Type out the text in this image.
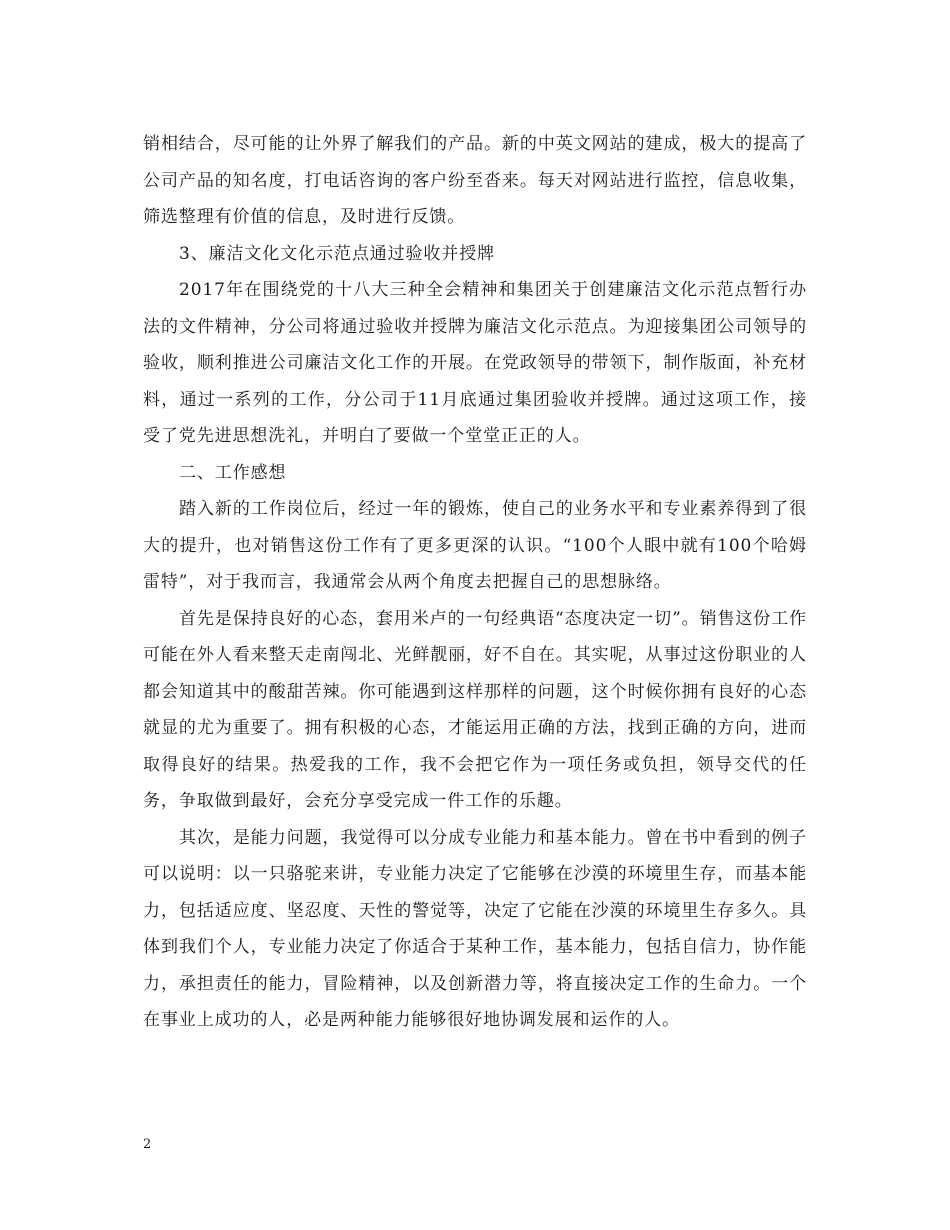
销相结合，尽可能的让外界了解我们的产品。新的中英文网站的建成，极大的提高了公司产品的知名度，打电话咨询的客户纷至沓来。每天对网站进行监控，信息收集，筛选整理有价值的信息，及时进行反馈。

3、廉洁文化文化示范点通过验收并授牌

2017年在围绕党的十八大三种全会精神和集团关于创建廉洁文化示范点暂行办法的文件精神，分公司将通过验收并授牌为廉洁文化示范点。为迎接集团公司领导的验收，顺利推进公司廉洁文化工作的开展。在党政领导的带领下，制作版面，补充材料，通过一系列的工作，分公司于11月底通过集团验收并授牌。通过这项工作，接受了党先进思想洗礼，并明白了要做一个堂堂正正的人。

二、工作感想

踏入新的工作岗位后，经过一年的锻炼，使自己的业务水平和专业素养得到了很大的提升，也对销售这份工作有了更多更深的认识。“100个人眼中就有100个哈姆雷特”，对于我而言，我通常会从两个角度去把握自己的思想脉络。

首先是保持良好的心态，套用米卢的一句经典语“态度决定一切”。销售这份工作可能在外人看来整天走南闯北、光鲜靓丽，好不自在。其实呢，从事过这份职业的人都会知道其中的酸甜苦辣。你可能遇到这样那样的问题，这个时候你拥有良好的心态就显的尤为重要了。拥有积极的心态，才能运用正确的方法，找到正确的方向，进而取得良好的结果。热爱我的工作，我不会把它作为一项任务或负担，领导交代的任务，争取做到最好，会充分享受完成一件工作的乐趣。

其次，是能力问题，我觉得可以分成专业能力和基本能力。曾在书中看到的例子可以说明：以一只骆驼来讲，专业能力决定了它能够在沙漠的环境里生存，而基本能力，包括适应度、坚忍度、天性的警觉等，决定了它能在沙漠的环境里生存多久。具体到我们个人，专业能力决定了你适合于某种工作，基本能力，包括自信力，协作能力，承担责任的能力，冒险精神，以及创新潜力等，将直接决定工作的生命力。一个在事业上成功的人，必是两种能力能够很好地协调发展和运作的人。

2
